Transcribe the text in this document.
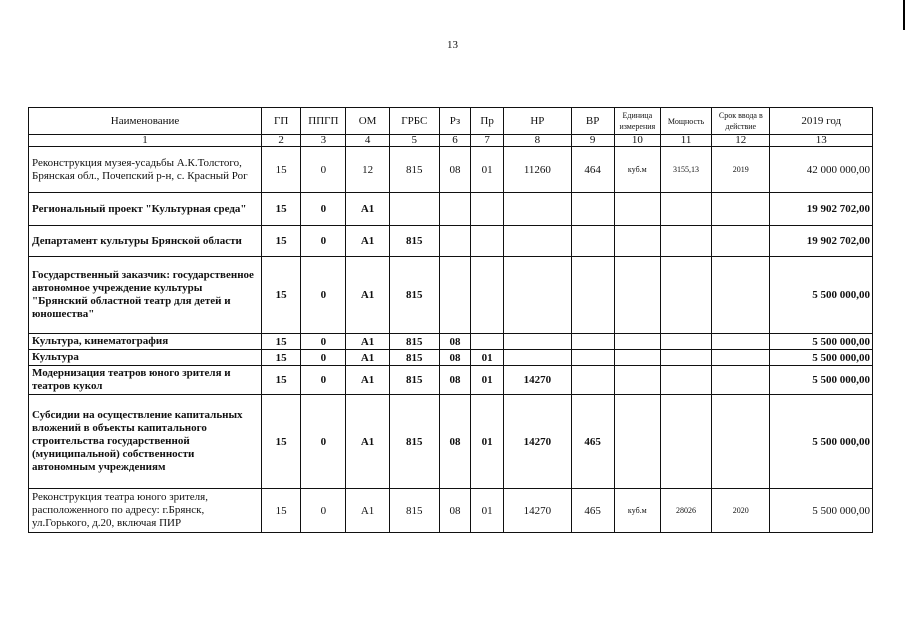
13
Наименование	ГП	ППГП	ОМ	ГРБС	Рз	Пр	НР	ВР	Единица измерения	Мощность	Срок ввода в действие	2019 год
1	2	3	4	5	6	7	8	9	10	11	12	13
Реконструкция музея-усадьбы А.К.Толстого, Брянская обл., Почепский р-н, с. Красный Рог	15	0	12	815	08	01	11260	464	куб.м	3155,13	2019	42 000 000,00
Региональный проект "Культурная среда"	15	0	А1									19 902 702,00
Департамент культуры Брянской области	15	0	А1	815								19 902 702,00
Государственный заказчик: государственное автономное учреждение культуры "Брянский областной театр для детей и юношества"	15	0	А1	815								5 500 000,00
Культура, кинематография	15	0	А1	815	08							5 500 000,00
Культура	15	0	А1	815	08	01						5 500 000,00
Модернизация театров юного зрителя и театров кукол	15	0	А1	815	08	01	14270					5 500 000,00
Субсидии на осуществление капитальных вложений в объекты капитального строительства государственной (муниципальной) собственности автономным учреждениям	15	0	А1	815	08	01	14270	465				5 500 000,00
Реконструкция театра юного зрителя, расположенного по адресу: г.Брянск, ул.Горького, д.20, включая ПИР	15	0	А1	815	08	01	14270	465	куб.м	28026	2020	5 500 000,00
